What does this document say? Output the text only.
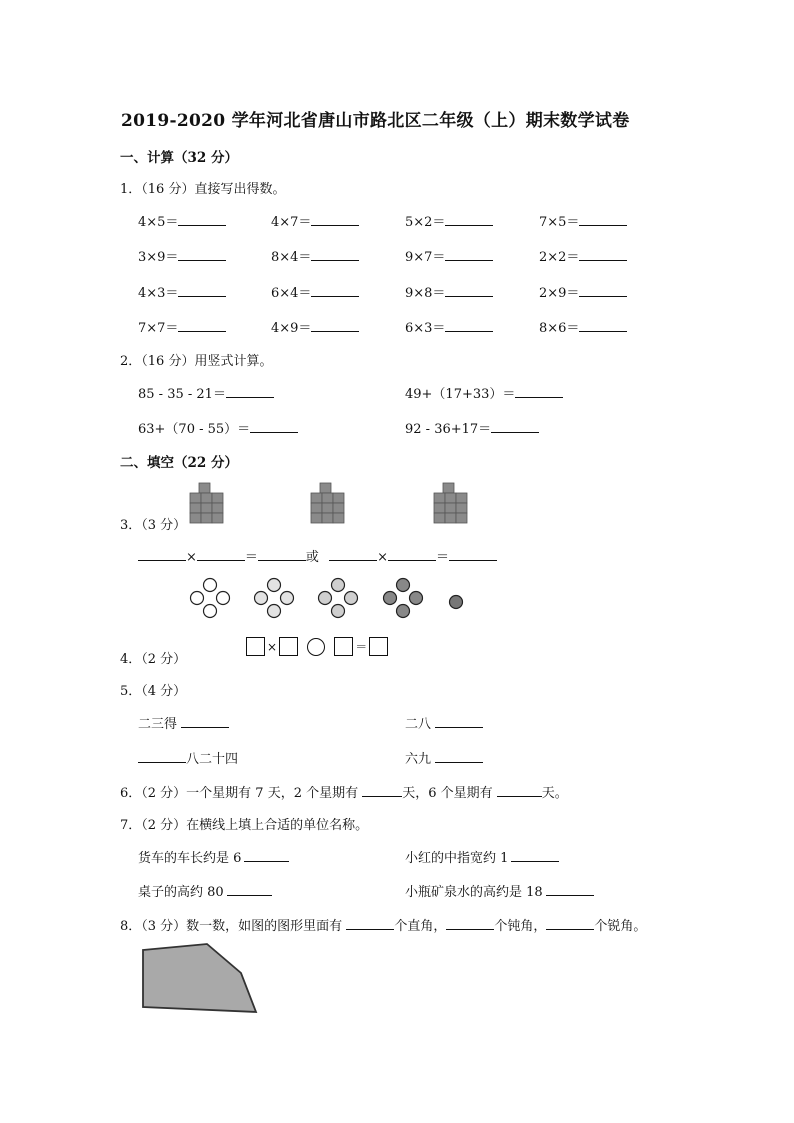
2019-2020 学年河北省唐山市路北区二年级（上）期末数学试卷
一、计算（32 分）
1．（16 分）直接写出得数。
4×5＝	4×7＝	5×2＝	7×5＝
3×9＝	8×4＝	9×7＝	2×2＝
4×3＝	6×4＝	9×8＝	2×9＝
7×7＝	4×9＝	6×3＝	8×6＝
2．（16 分）用竖式计算。
85 - 35 - 21＝	49+（17+33）＝
63+（70 - 55）＝	92 - 36+17＝
二、填空（22 分）
3．（3 分）
×	＝	或	×	＝
4．（2 分）
×	＝
5．（4 分）
二三得	二八
八二十四	六九
6．（2 分）一个星期有 7 天，2 个星期有	天，6 个星期有	天。
7．（2 分）在横线上填上合适的单位名称。
货车的车长约是 6	小红的中指宽约 1
桌子的高约 80	小瓶矿泉水的高约是 18
8．（3 分）数一数，如图的图形里面有	个直角，	个钝角，	个锐角。
